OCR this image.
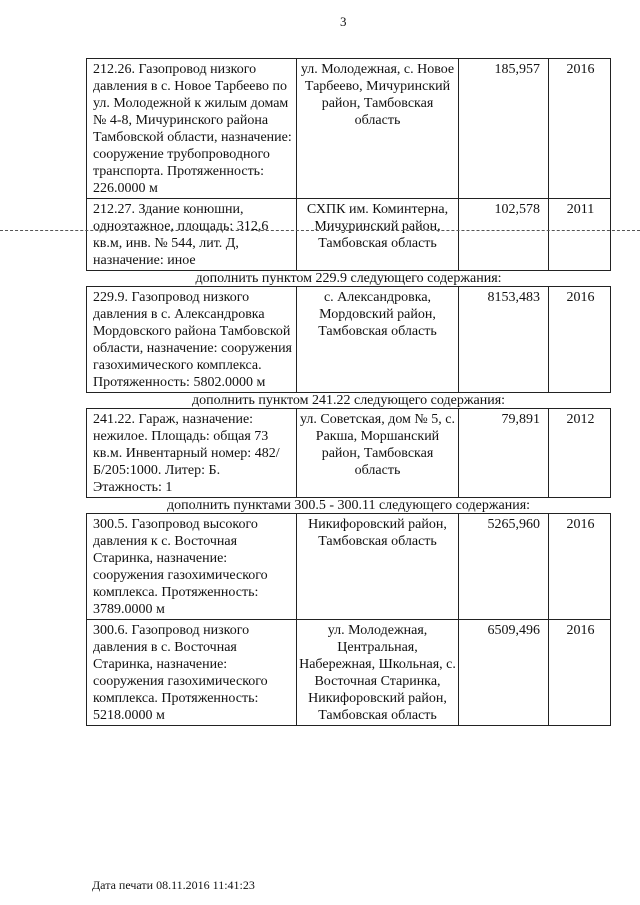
3
212.26. Газопровод низкого давления в с. Новое Тарбеево по ул. Молодежной к жилым домам № 4-8, Мичуринского района Тамбовской области, назначение: сооружение трубопроводного транспорта. Протяженность: 226.0000 м	ул. Молодежная, с. Новое Тарбеево, Мичуринский район, Тамбовская область	185,957	2016
212.27. Здание конюшни, одноэтажное, площадь: 312,6 кв.м, инв. № 544, лит. Д, назначение: иное	СХПК им. Коминтерна, Мичуринский район, Тамбовская область	102,578	2011
дополнить пунктом 229.9 следующего содержания:			
229.9. Газопровод низкого давления в с. Александровка Мордовского района Тамбовской области, назначение: сооружения газохимического комплекса. Протяженность: 5802.0000 м	с. Александровка, Мордовский район, Тамбовская область	8153,483	2016
дополнить пунктом 241.22 следующего содержания:			
241.22. Гараж, назначение: нежилое. Площадь: общая 73 кв.м. Инвентарный номер: 482/Б/205:1000. Литер: Б. Этажность: 1	ул. Советская, дом № 5, с. Ракша, Моршанский район, Тамбовская область	79,891	2012
дополнить пунктами 300.5 - 300.11 следующего содержания:			
300.5. Газопровод высокого давления к с. Восточная Старинка, назначение: сооружения газохимического комплекса. Протяженность: 3789.0000 м	Никифоровский район, Тамбовская область	5265,960	2016
300.6. Газопровод низкого давления в с. Восточная Старинка, назначение: сооружения газохимического комплекса. Протяженность: 5218.0000 м	ул. Молодежная, Центральная, Набережная, Школьная, с. Восточная Старинка, Никифоровский район, Тамбовская область	6509,496	2016
Дата печати 08.11.2016 11:41:23
